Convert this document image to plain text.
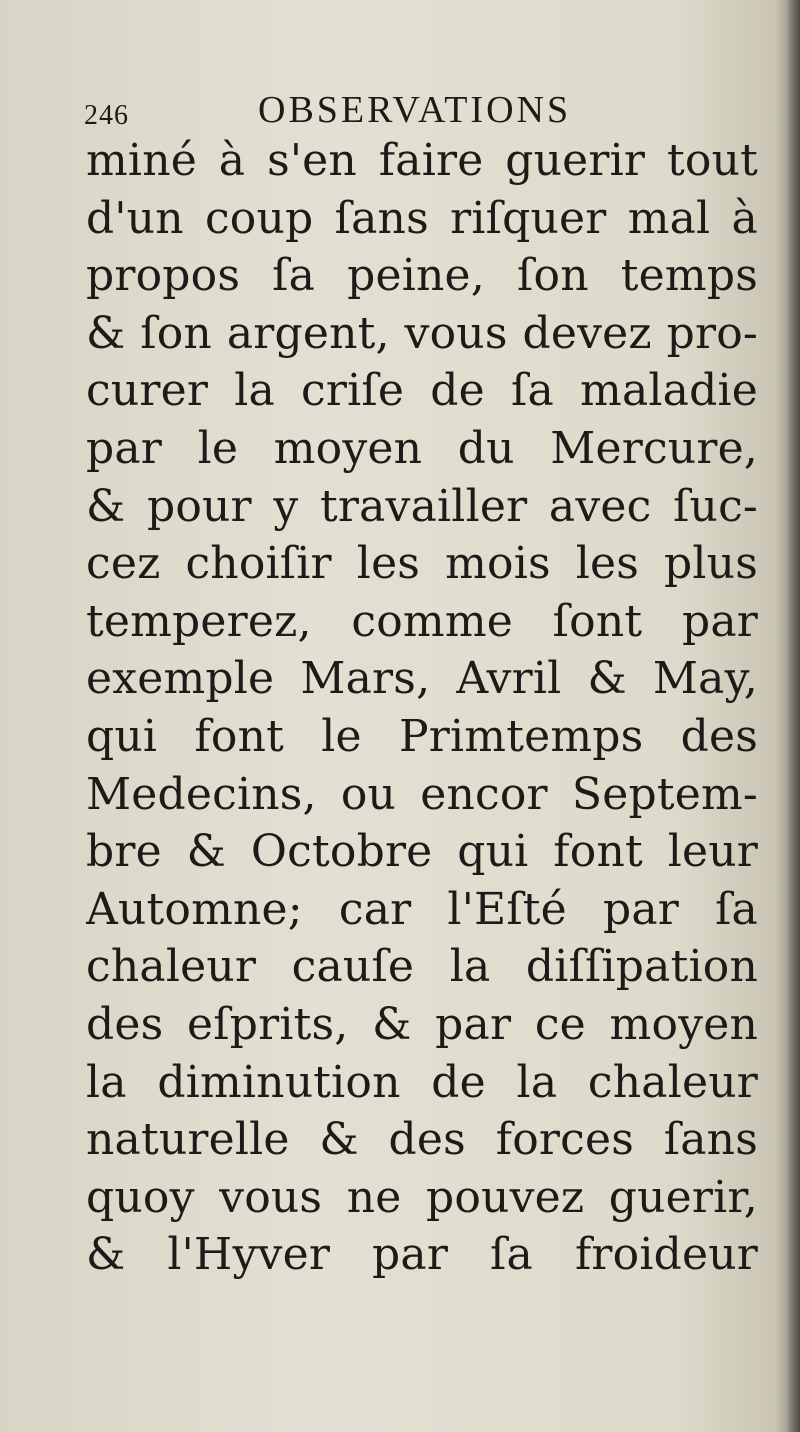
246	OBSERVATIONS
miné à s'en faire guerir tout
d'un coup ſans riſquer mal à
propos ſa peine, ſon temps
& ſon argent, vous devez pro-
curer la criſe de ſa maladie
par le moyen du Mercure,
& pour y travailler avec ſuc-
cez choiſir les mois les plus
temperez, comme ſont par
exemple Mars, Avril & May,
qui font le Primtemps des
Medecins, ou encor Septem-
bre & Octobre qui font leur
Automne; car l'Eſté par ſa
chaleur cauſe la diſſipation
des eſprits, & par ce moyen
la diminution de la chaleur
naturelle & des forces ſans
quoy vous ne pouvez guerir,
& l'Hyver par ſa froideur
